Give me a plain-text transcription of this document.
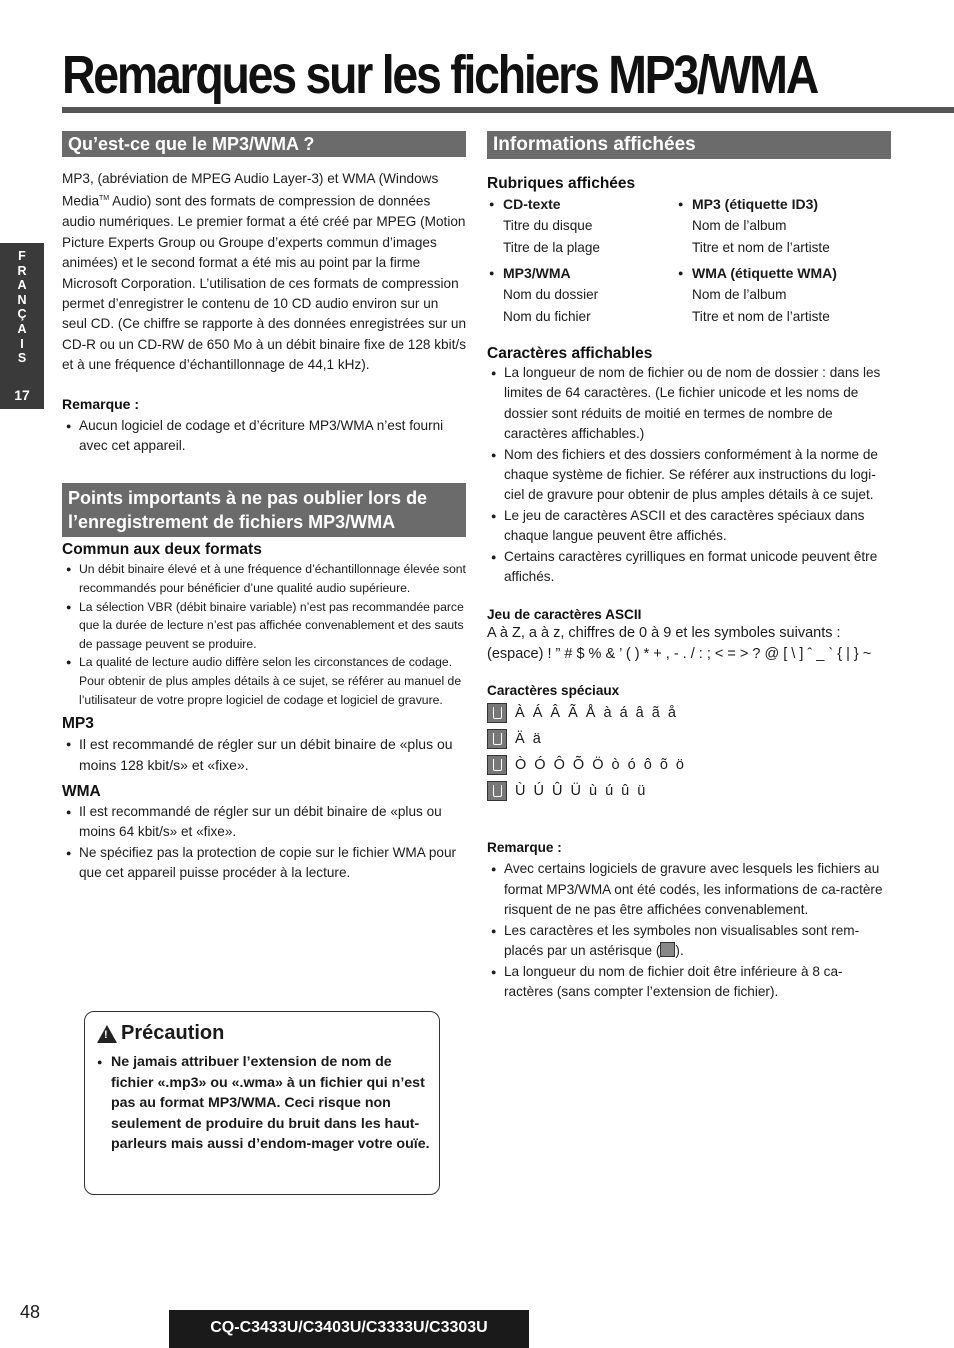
Remarques sur les fichiers MP3/WMA
F
R
A
N
Ç
A
I
S
17
Qu’est-ce que le MP3/WMA ?
MP3, (abréviation de MPEG Audio Layer-3) et WMA (Windows Media™ Audio) sont des formats de compression de données audio numériques. Le premier format a été créé par MPEG (Motion Picture Experts Group ou Groupe d’experts commun d’images animées) et le second format a été mis au point par la firme Microsoft Corporation. L’utilisation de ces formats de compression permet d’enregistrer le contenu de 10 CD audio environ sur un seul CD. (Ce chiffre se rapporte à des données enregistrées sur un CD-R ou un CD-RW de 650 Mo à un débit binaire fixe de 128 kbit/s et à une fréquence d’échantillonnage de 44,1 kHz).
Remarque :
● Aucun logiciel de codage et d’écriture MP3/WMA n’est fourni avec cet appareil.
Points importants à ne pas oublier lors de l’enregistrement de fichiers MP3/WMA
Commun aux deux formats
● Un débit binaire élevé et à une fréquence d’échantillonnage élevée sont recommandés pour bénéficier d’une qualité audio supérieure.
● La sélection VBR (débit binaire variable) n’est pas recommandée parce que la durée de lecture n’est pas affichée convenablement et des sauts de passage peuvent se produire.
● La qualité de lecture audio diffère selon les circonstances de codage. Pour obtenir de plus amples détails à ce sujet, se référer au manuel de l’utilisateur de votre propre logiciel de codage et logiciel de gravure.
MP3
● Il est recommandé de régler sur un débit binaire de «plus ou moins 128 kbit/s» et «fixe».
WMA
● Il est recommandé de régler sur un débit binaire de «plus ou moins 64 kbit/s» et «fixe».
● Ne spécifiez pas la protection de copie sur le fichier WMA pour que cet appareil puisse procéder à la lecture.
!
Précaution
● Ne jamais attribuer l’extension de nom de fichier «.mp3» ou «.wma» à un fichier qui n’est pas au format MP3/WMA. Ceci risque non seulement de produire du bruit dans les haut-parleurs mais aussi d’endom-mager votre ouïe.
Informations affichées
Rubriques affichées
● CD-texte
Titre du disque
Titre de la plage
● MP3/WMA
Nom du dossier
Nom du fichier
● MP3 (étiquette ID3)
Nom de l’album
Titre et nom de l’artiste
● WMA (étiquette WMA)
Nom de l’album
Titre et nom de l’artiste
Caractères affichables
● La longueur de nom de fichier ou de nom de dossier : dans les limites de 64 caractères. (Le fichier unicode et les noms de dossier sont réduits de moitié en termes de nombre de caractères affichables.)
● Nom des fichiers et des dossiers conformément à la norme de chaque système de fichier. Se référer aux instructions du logi-ciel de gravure pour obtenir de plus amples détails à ce sujet.
● Le jeu de caractères ASCII et des caractères spéciaux dans chaque langue peuvent être affichés.
● Certains caractères cyrilliques en format unicode peuvent être affichés.
Jeu de caractères ASCII
A à Z, a à z, chiffres de 0 à 9 et les symboles suivants : (espace) ! ” # $ % & ’ ( ) * + , - . / : ; < = > ? @ [ \ ] ˆ _ ` { | } ~
Caractères spéciaux
À Á Â Ã Å à á â ã å
Ä ä
Ò Ó Ô Õ Ö ò ó ô õ ö
Ù Ú Û Ü ù ú û ü
Remarque :
● Avec certains logiciels de gravure avec lesquels les fichiers au format MP3/WMA ont été codés, les informations de ca-ractère risquent de ne pas être affichées convenablement.
● Les caractères et les symboles non visualisables sont rem-placés par un astérisque ( ).
● La longueur du nom de fichier doit être inférieure à 8 ca-ractères (sans compter l’extension de fichier).
48
CQ-C3433U/C3403U/C3333U/C3303U
